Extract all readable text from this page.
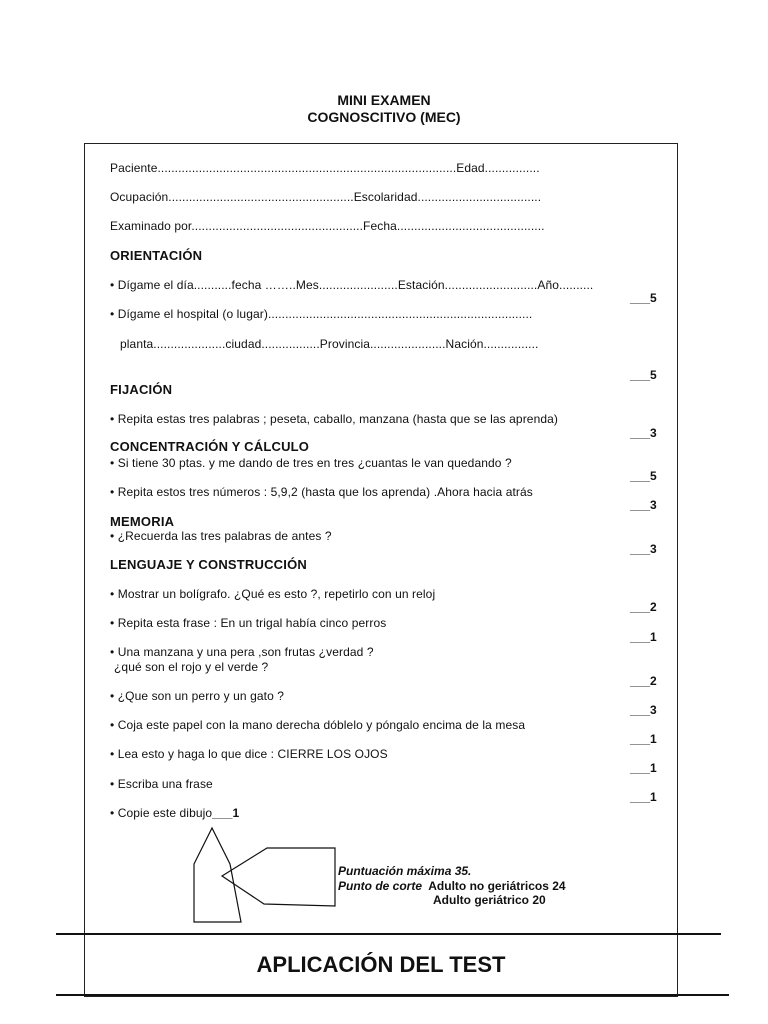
MINI EXAMEN
COGNOSCITIVO (MEC)
Paciente.......................................................................................Edad................
Ocupación......................................................Escolaridad....................................
Examinado por..................................................Fecha...........................................
ORIENTACIÓN
• Dígame el día...........fecha ……..Mes.......................Estación...........................Año..........
• Dígame el hospital (o lugar).............................................................................
planta.....................ciudad.................Provincia......................Nación................
FIJACIÓN
• Repita estas tres palabras ; peseta, caballo, manzana (hasta que se las aprenda)
CONCENTRACIÓN Y CÁLCULO
• Si tiene 30 ptas. y me dando de tres en tres ¿cuantas le van quedando ?
• Repita estos tres números : 5,9,2 (hasta que los aprenda) .Ahora hacia atrás
MEMORIA
• ¿Recuerda las tres palabras de antes ?
LENGUAJE Y CONSTRUCCIÓN
• Mostrar un bolígrafo. ¿Qué es esto ?, repetirlo con un reloj
• Repita esta frase : En un trigal había cinco perros
• Una manzana y una pera ,son frutas ¿verdad ?
¿qué son el rojo y el verde ?
• ¿Que son un perro y un gato ?
• Coja este papel con la mano derecha dóblelo y póngalo encima de la mesa
• Lea esto y haga lo que dice : CIERRE LOS OJOS
• Escriba una frase
• Copie este dibujo___1
___5
___5
___3
___5
___3
___3
___2
___1
___2
___3
___1
___1
___1
Puntuación máxima 35.
Punto de corte Adulto no geriátricos 24
Adulto geriátrico 20
APLICACIÓN DEL TEST
